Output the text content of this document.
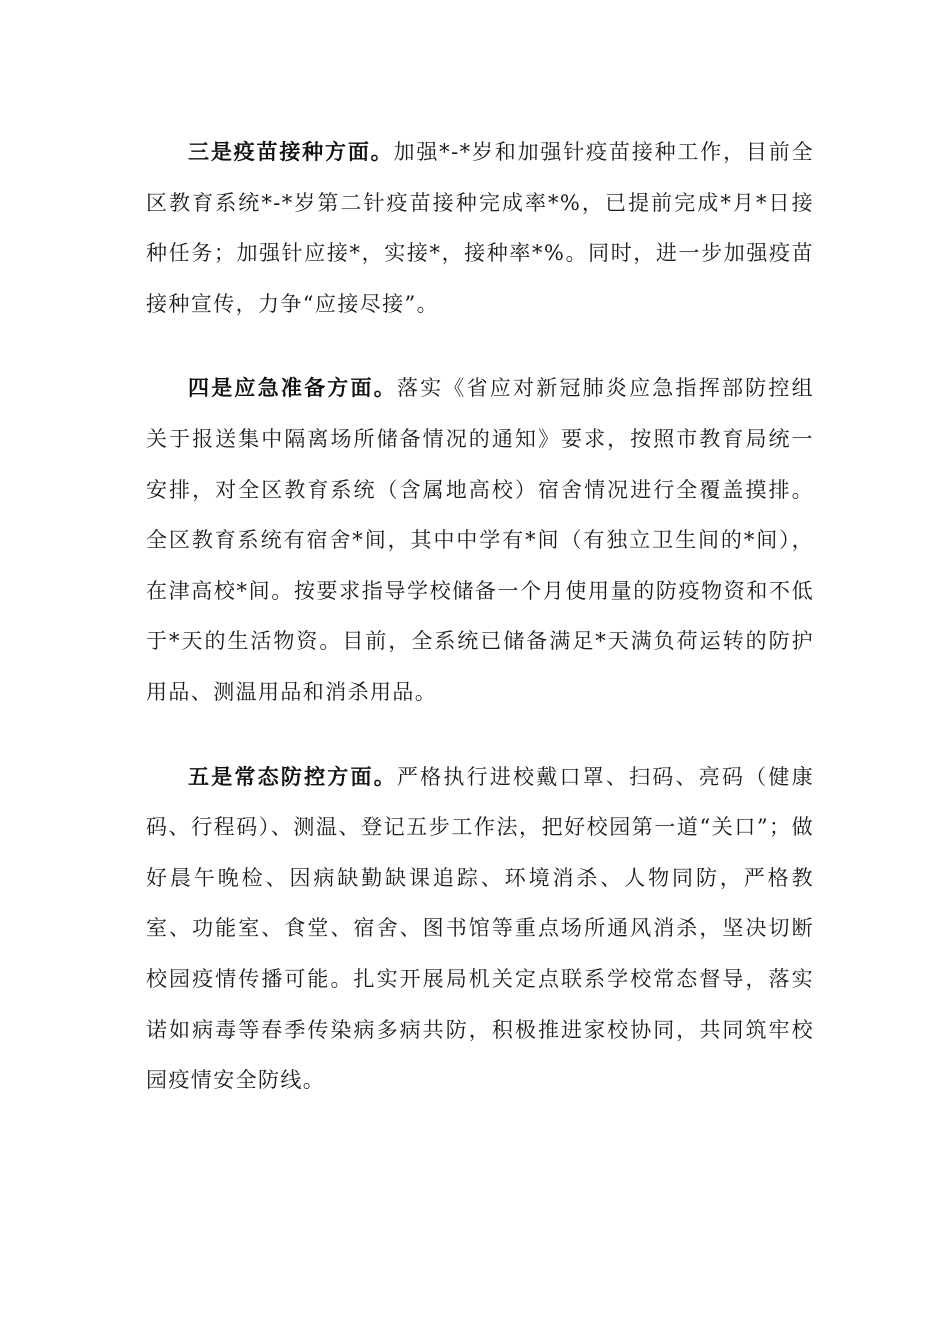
三是疫苗接种方面。加强*-*岁和加强针疫苗接种工作，目前全区教育系统*-*岁第二针疫苗接种完成率*%，已提前完成*月*日接种任务；加强针应接*，实接*，接种率*%。同时，进一步加强疫苗接种宣传，力争“应接尽接”。

四是应急准备方面。落实《省应对新冠肺炎应急指挥部防控组关于报送集中隔离场所储备情况的通知》要求，按照市教育局统一安排，对全区教育系统（含属地高校）宿舍情况进行全覆盖摸排。全区教育系统有宿舍*间，其中中学有*间（有独立卫生间的*间），在津高校*间。按要求指导学校储备一个月使用量的防疫物资和不低于*天的生活物资。目前，全系统已储备满足*天满负荷运转的防护用品、测温用品和消杀用品。

五是常态防控方面。严格执行进校戴口罩、扫码、亮码（健康码、行程码）、测温、登记五步工作法，把好校园第一道“关口”；做好晨午晚检、因病缺勤缺课追踪、环境消杀、人物同防，严格教室、功能室、食堂、宿舍、图书馆等重点场所通风消杀，坚决切断校园疫情传播可能。扎实开展局机关定点联系学校常态督导，落实诺如病毒等春季传染病多病共防，积极推进家校协同，共同筑牢校园疫情安全防线。
